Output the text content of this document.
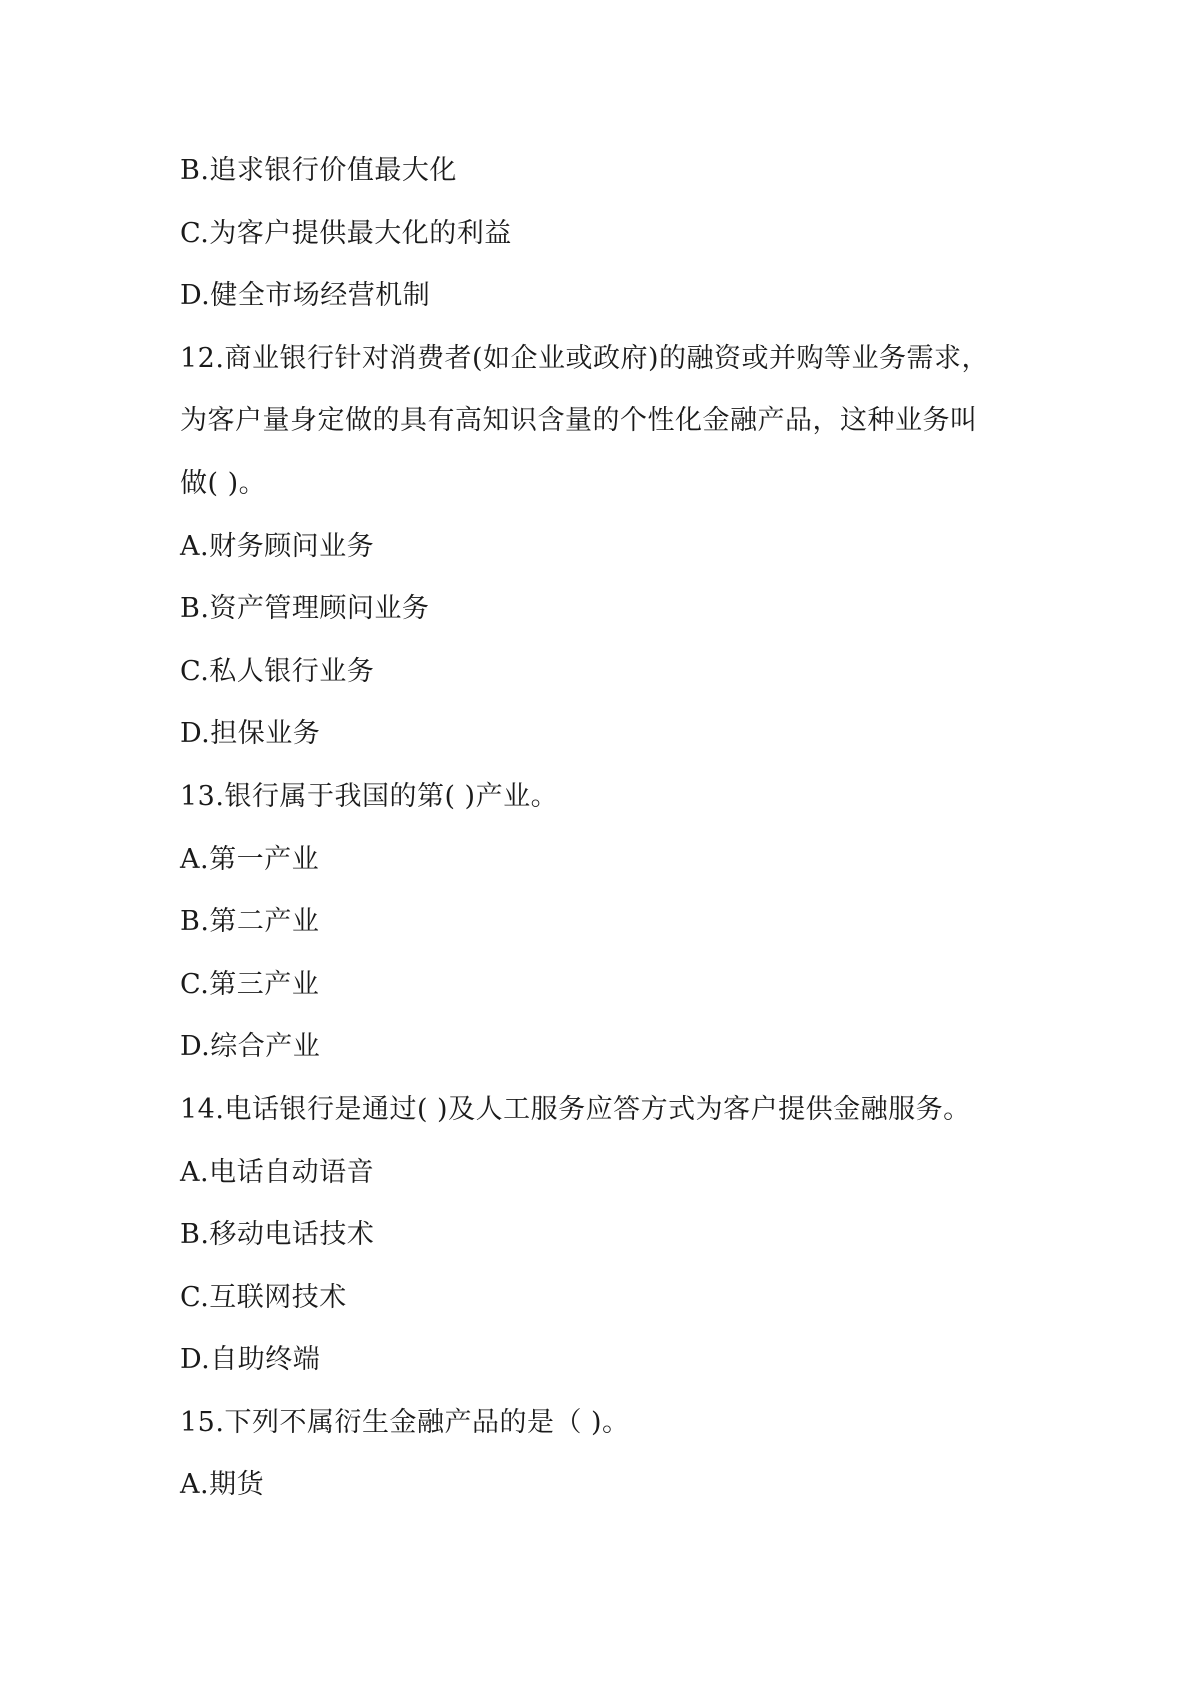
B.追求银行价值最大化
C.为客户提供最大化的利益
D.健全市场经营机制
12.商业银行针对消费者(如企业或政府)的融资或并购等业务需求，
为客户量身定做的具有高知识含量的个性化金融产品，这种业务叫
做( )。
A.财务顾问业务
B.资产管理顾问业务
C.私人银行业务
D.担保业务
13.银行属于我国的第( )产业。
A.第一产业
B.第二产业
C.第三产业
D.综合产业
14.电话银行是通过( )及人工服务应答方式为客户提供金融服务。
A.电话自动语音
B.移动电话技术
C.互联网技术
D.自助终端
15.下列不属衍生金融产品的是（ )。
A.期货
